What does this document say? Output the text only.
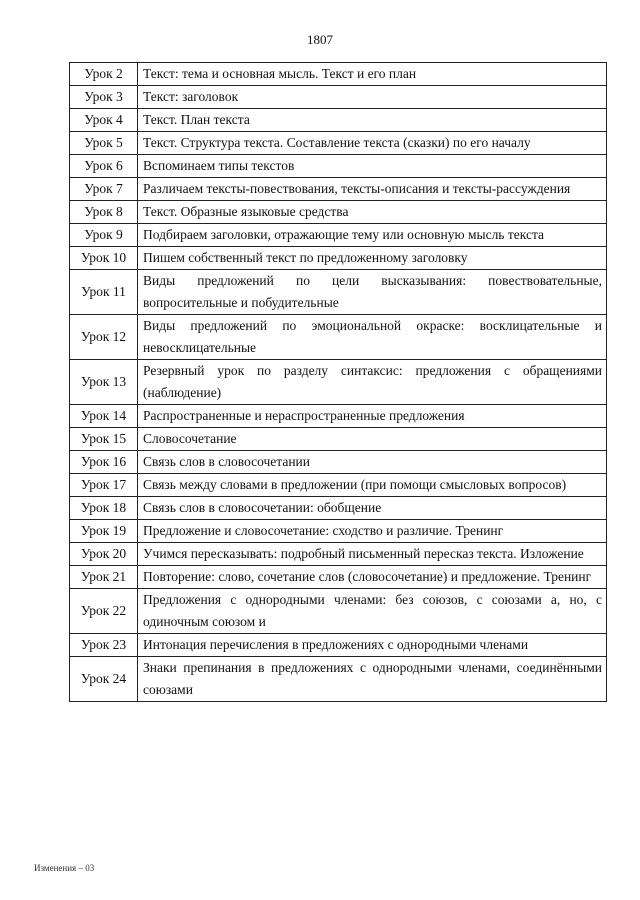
1807
Урок 2	Текст: тема и основная мысль. Текст и его план
Урок 3	Текст: заголовок
Урок 4	Текст. План текста
Урок 5	Текст. Структура текста. Составление текста (сказки) по его началу
Урок 6	Вспоминаем типы текстов
Урок 7	Различаем тексты-повествования, тексты-описания и тексты-рассуждения
Урок 8	Текст. Образные языковые средства
Урок 9	Подбираем заголовки, отражающие тему или основную мысль текста
Урок 10	Пишем собственный текст по предложенному заголовку
Урок 11	Виды предложений по цели высказывания: повествовательные, вопросительные и побудительные
Урок 12	Виды предложений по эмоциональной окраске: восклицательные и невосклицательные
Урок 13	Резервный урок по разделу синтаксис: предложения с обращениями (наблюдение)
Урок 14	Распространенные и нераспространенные предложения
Урок 15	Словосочетание
Урок 16	Связь слов в словосочетании
Урок 17	Связь между словами в предложении (при помощи смысловых вопросов)
Урок 18	Связь слов в словосочетании: обобщение
Урок 19	Предложение и словосочетание: сходство и различие. Тренинг
Урок 20	Учимся пересказывать: подробный письменный пересказ текста. Изложение
Урок 21	Повторение: слово, сочетание слов (словосочетание) и предложение. Тренинг
Урок 22	Предложения с однородными членами: без союзов, с союзами а, но, с одиночным союзом и
Урок 23	Интонация перечисления в предложениях с однородными членами
Урок 24	Знаки препинания в предложениях с однородными членами, соединёнными союзами
Изменения – 03
